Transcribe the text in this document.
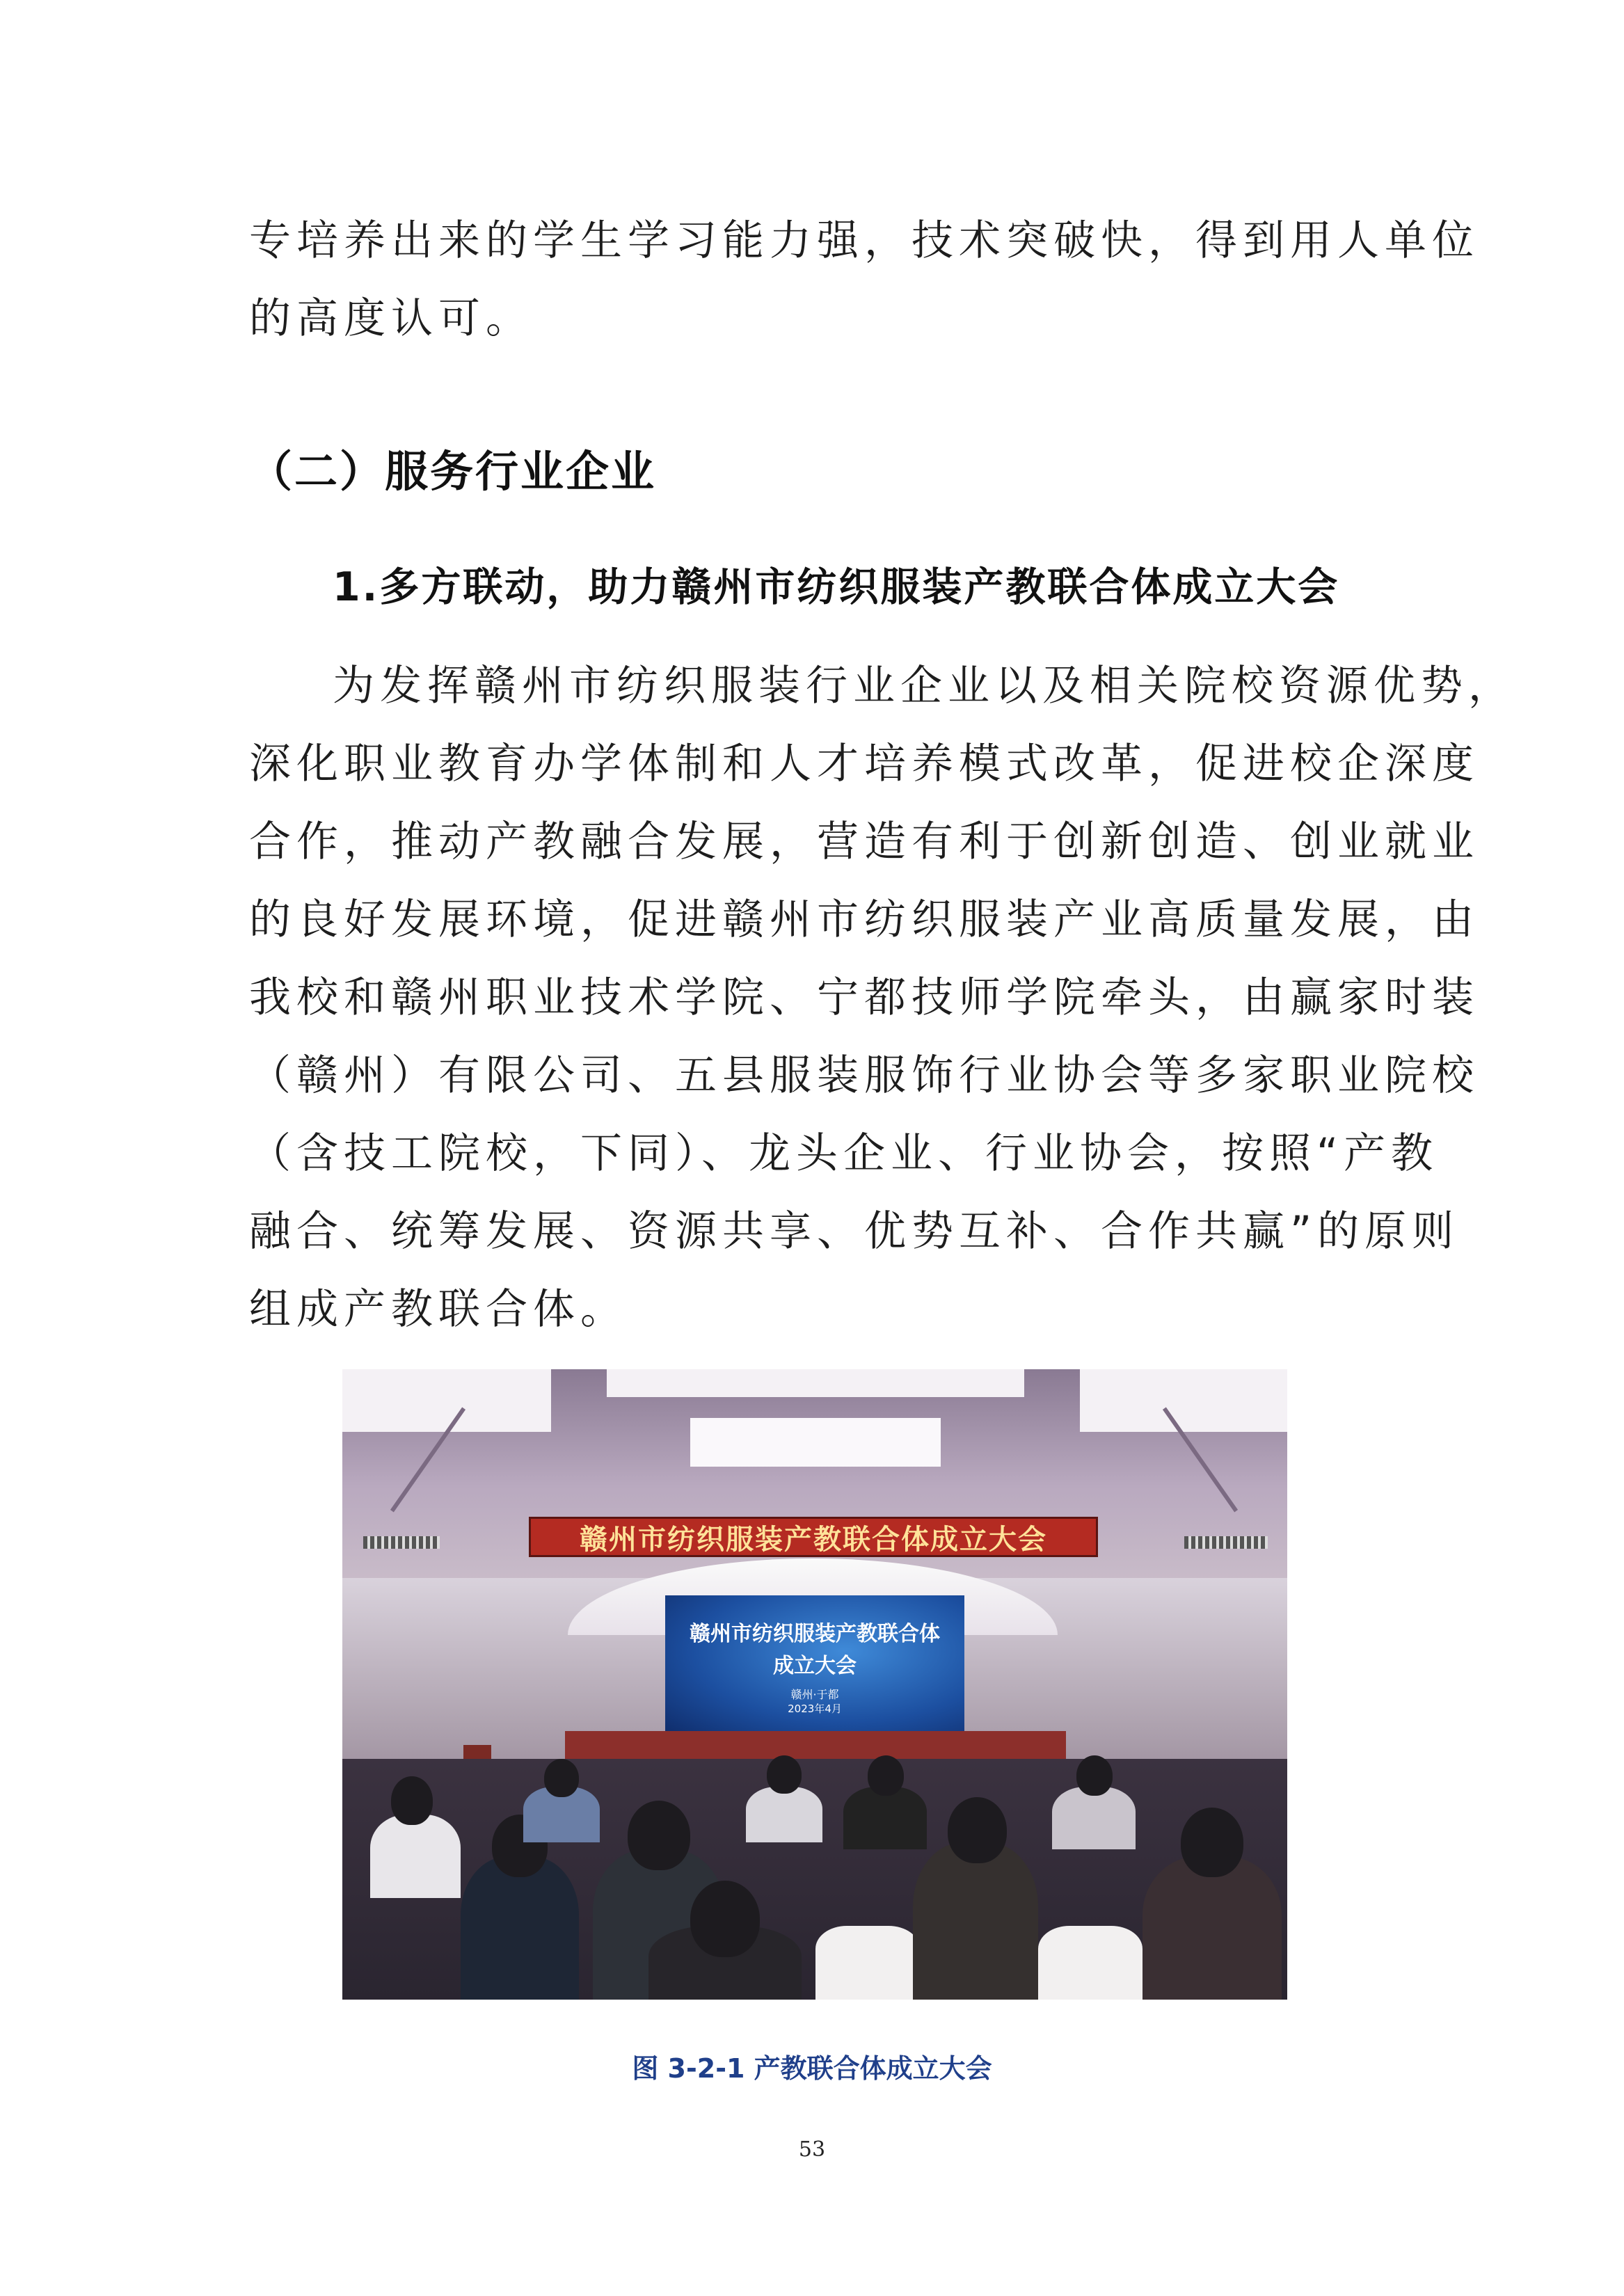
专培养出来的学生学习能力强，技术突破快，得到用人单位
的高度认可。
（二）服务行业企业
1.多方联动，助力赣州市纺织服装产教联合体成立大会
为发挥赣州市纺织服装行业企业以及相关院校资源优势，
深化职业教育办学体制和人才培养模式改革，促进校企深度
合作，推动产教融合发展，营造有利于创新创造、创业就业
的良好发展环境，促进赣州市纺织服装产业高质量发展，由
我校和赣州职业技术学院、宁都技师学院牵头，由赢家时装
（赣州）有限公司、五县服装服饰行业协会等多家职业院校
（含技工院校，下同）、龙头企业、行业协会，按照“产教
融合、统筹发展、资源共享、优势互补、合作共赢”的原则
组成产教联合体。
赣州市纺织服装产教联合体成立大会
赣州市纺织服装产教联合体
成立大会
赣州·于都
2023年4月

图 3-2-1 产教联合体成立大会

53
